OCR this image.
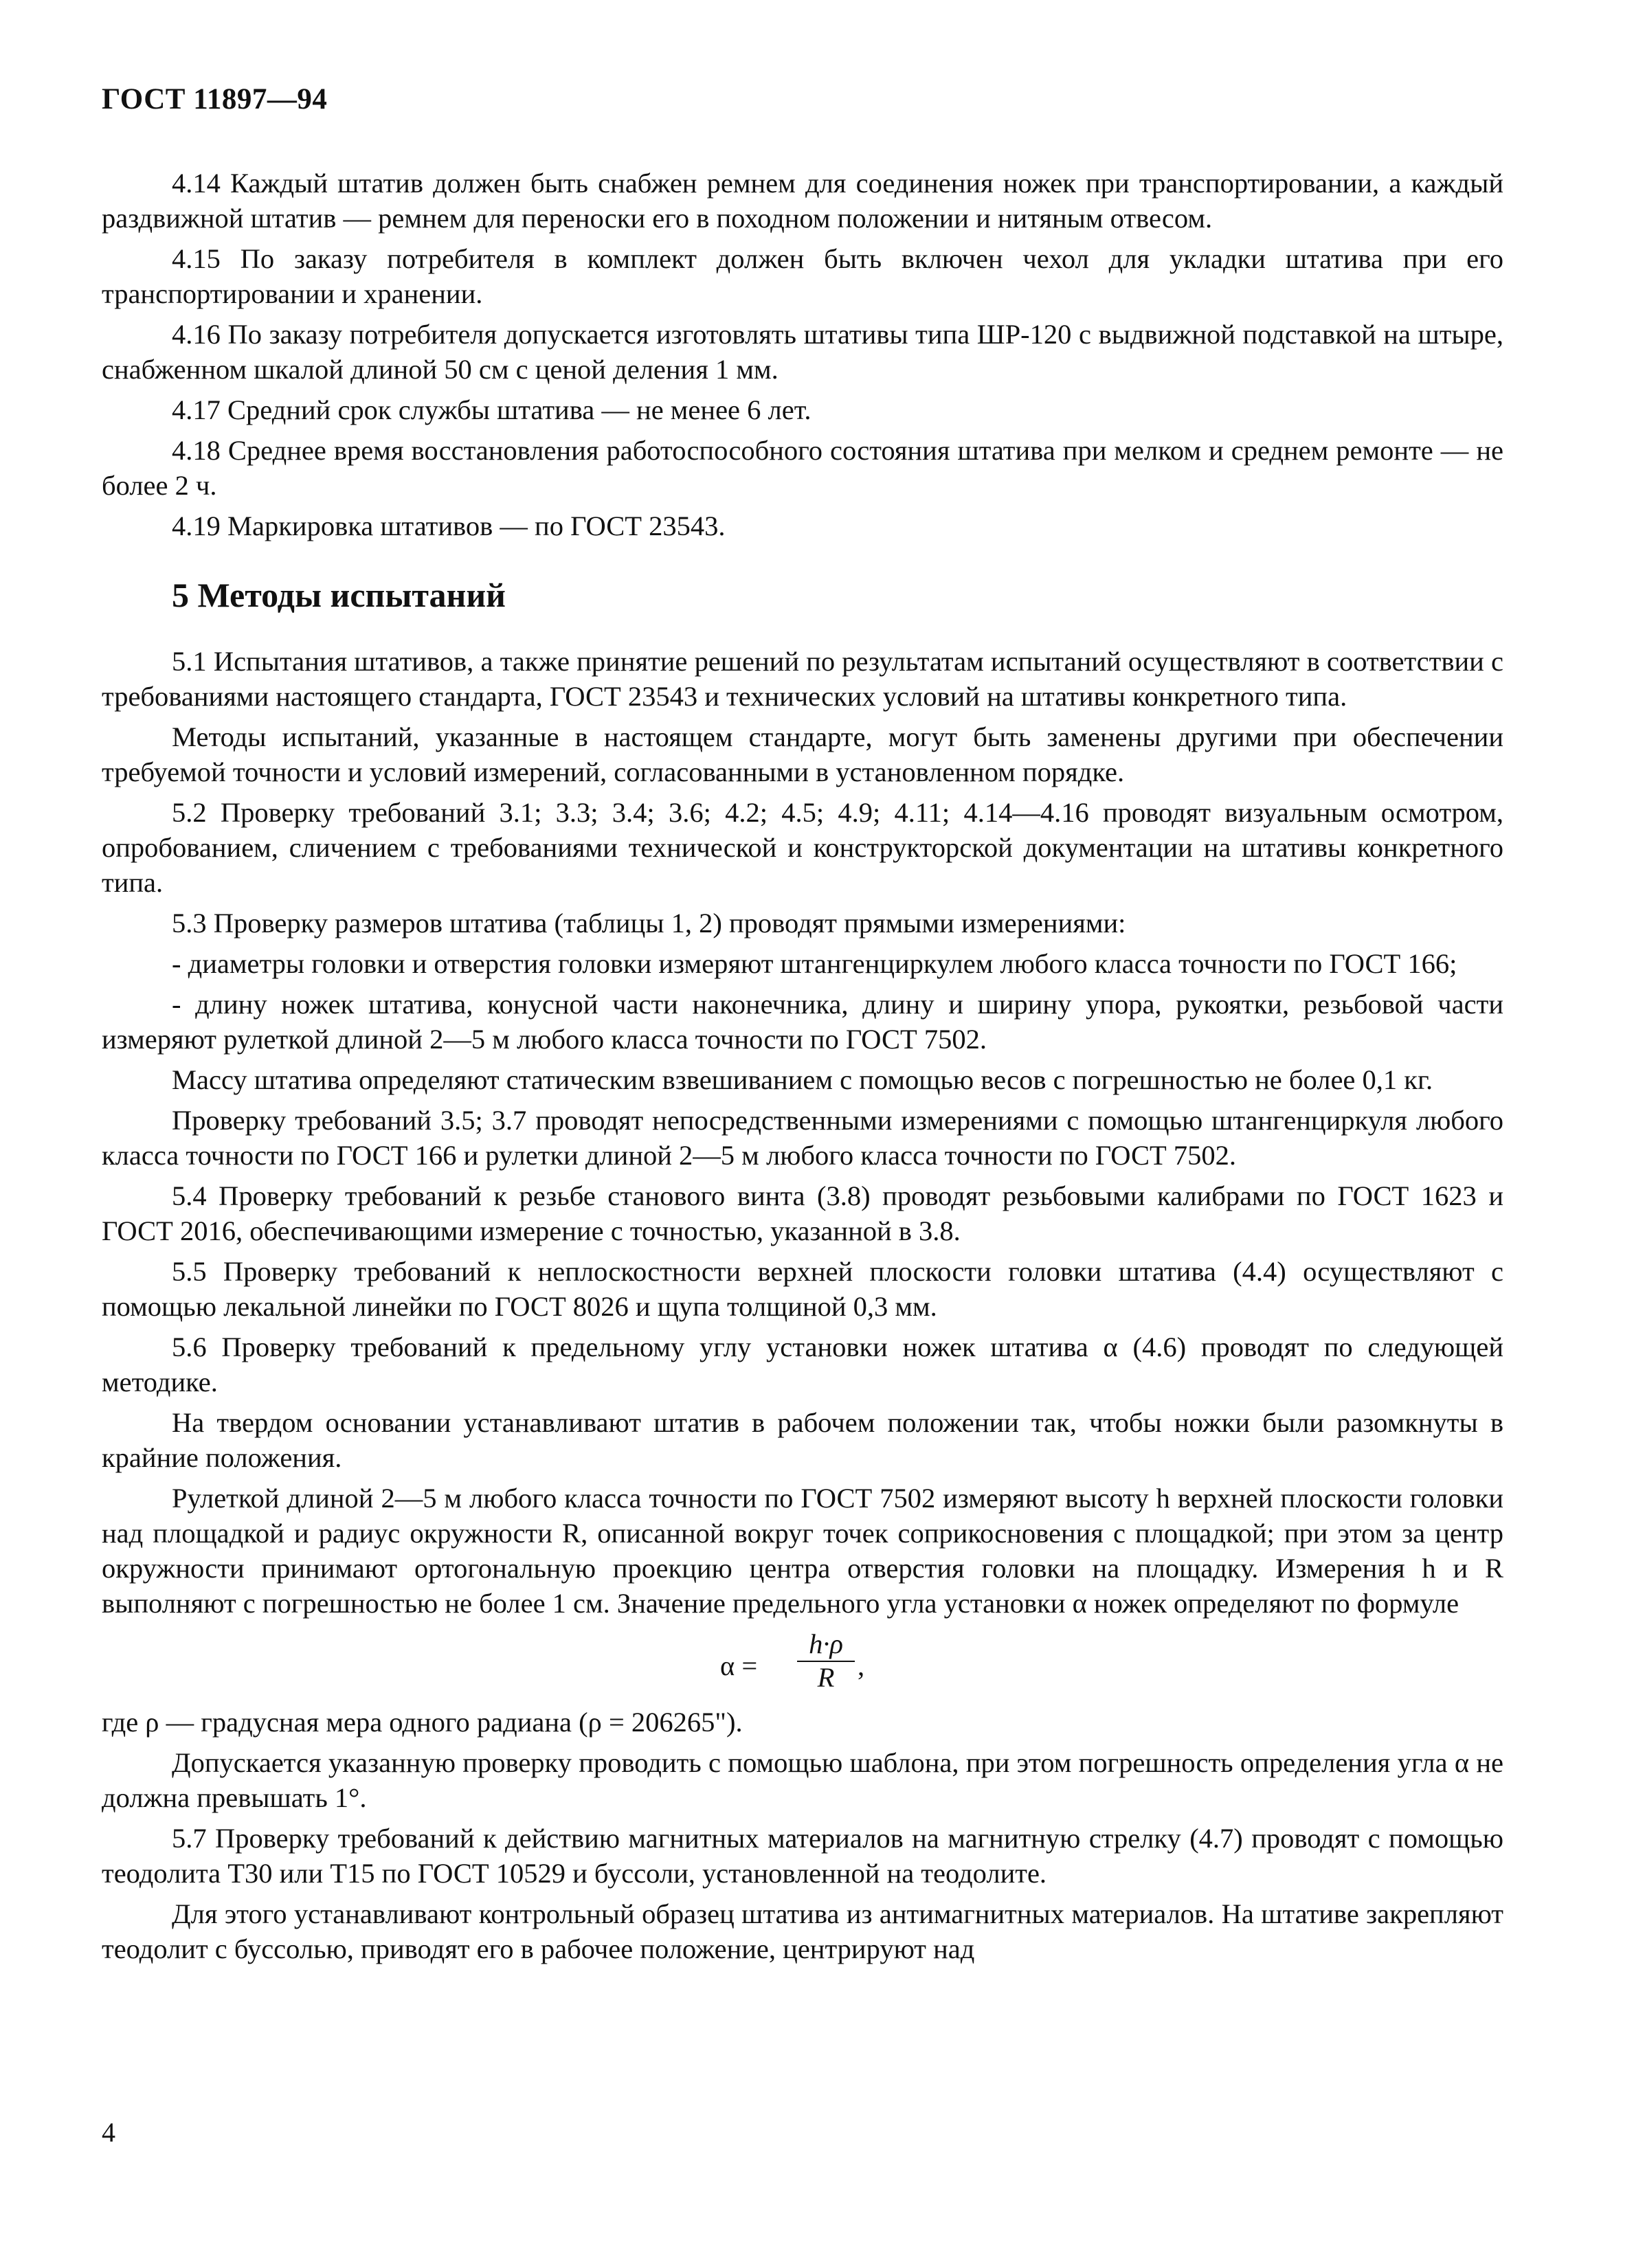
ГОСТ 11897—94

4.14 Каждый штатив должен быть снабжен ремнем для соединения ножек при транспортировании, а каждый раздвижной штатив — ремнем для переноски его в походном положении и нитяным отвесом.

4.15 По заказу потребителя в комплект должен быть включен чехол для укладки штатива при его транспортировании и хранении.

4.16 По заказу потребителя допускается изготовлять штативы типа ШР-120 с выдвижной подставкой на штыре, снабженном шкалой длиной 50 см с ценой деления 1 мм.

4.17 Средний срок службы штатива — не менее 6 лет.

4.18 Среднее время восстановления работоспособного состояния штатива при мелком и среднем ремонте — не более 2 ч.

4.19 Маркировка штативов — по ГОСТ 23543.

5 Методы испытаний

5.1 Испытания штативов, а также принятие решений по результатам испытаний осуществляют в соответствии с требованиями настоящего стандарта, ГОСТ 23543 и технических условий на штативы конкретного типа.

Методы испытаний, указанные в настоящем стандарте, могут быть заменены другими при обеспечении требуемой точности и условий измерений, согласованными в установленном порядке.

5.2 Проверку требований 3.1; 3.3; 3.4; 3.6; 4.2; 4.5; 4.9; 4.11; 4.14—4.16 проводят визуальным осмотром, опробованием, сличением с требованиями технической и конструкторской документации на штативы конкретного типа.

5.3 Проверку размеров штатива (таблицы 1, 2) проводят прямыми измерениями:

- диаметры головки и отверстия головки измеряют штангенциркулем любого класса точности по ГОСТ 166;

- длину ножек штатива, конусной части наконечника, длину и ширину упора, рукоятки, резьбовой части измеряют рулеткой длиной 2—5 м любого класса точности по ГОСТ 7502.

Массу штатива определяют статическим взвешиванием с помощью весов с погрешностью не более 0,1 кг.

Проверку требований 3.5; 3.7 проводят непосредственными измерениями с помощью штангенциркуля любого класса точности по ГОСТ 166 и рулетки длиной 2—5 м любого класса точности по ГОСТ 7502.

5.4 Проверку требований к резьбе станового винта (3.8) проводят резьбовыми калибрами по ГОСТ 1623 и ГОСТ 2016, обеспечивающими измерение с точностью, указанной в 3.8.

5.5 Проверку требований к неплоскостности верхней плоскости головки штатива (4.4) осуществляют с помощью лекальной линейки по ГОСТ 8026 и щупа толщиной 0,3 мм.

5.6 Проверку требований к предельному углу установки ножек штатива α (4.6) проводят по следующей методике.

На твердом основании устанавливают штатив в рабочем положении так, чтобы ножки были разомкнуты в крайние положения.

Рулеткой длиной 2—5 м любого класса точности по ГОСТ 7502 измеряют высоту h верхней плоскости головки над площадкой и радиус окружности R, описанной вокруг точек соприкосновения с площадкой; при этом за центр окружности принимают ортогональную проекцию центра отверстия головки на площадку. Измерения h и R выполняют с погрешностью не более 1 см. Значение предельного угла установки α ножек определяют по формуле

$\alpha = \frac{h\cdot\rho}{R}$ ,

где ρ — градусная мера одного радиана (ρ = 206265").

Допускается указанную проверку проводить с помощью шаблона, при этом погрешность определения угла α не должна превышать 1°.

5.7 Проверку требований к действию магнитных материалов на магнитную стрелку (4.7) проводят с помощью теодолита Т30 или Т15 по ГОСТ 10529 и буссоли, установленной на теодолите.

Для этого устанавливают контрольный образец штатива из антимагнитных материалов. На штативе закрепляют теодолит с буссолью, приводят его в рабочее положение, центрируют над

4
